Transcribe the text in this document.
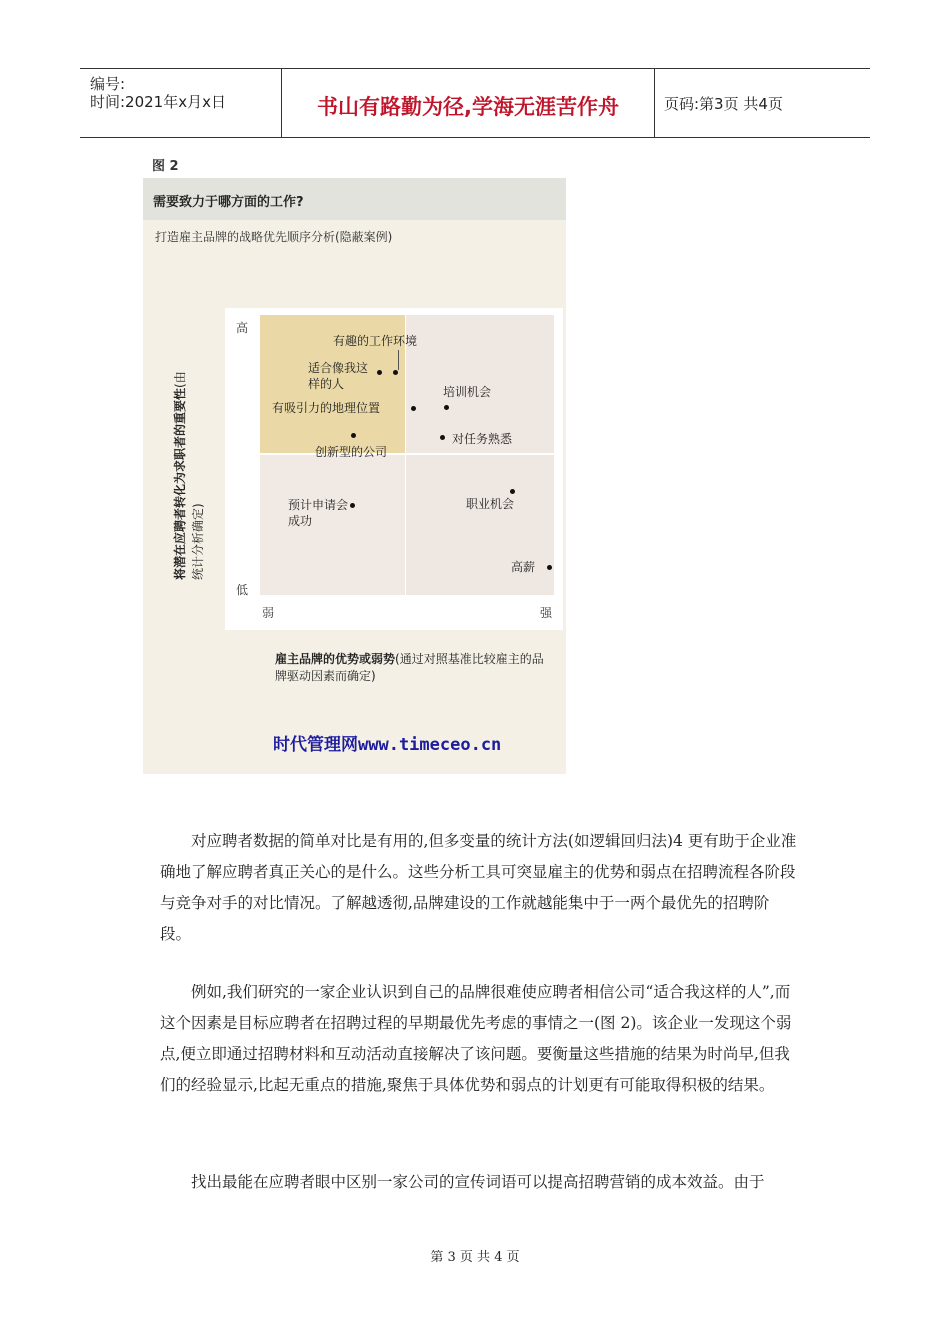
编号:
时间:2021年x月x日	书山有路勤为径,学海无涯苦作舟	页码:第3页 共4页
图 2
需要致力于哪方面的工作?
打造雇主品牌的战略优先顺序分析(隐蔽案例)
高
低
弱	强
有趣的工作环境
适合像我这样的人
有吸引力的地理位置
创新型的公司
培训机会
对任务熟悉
预计申请会成功
职业机会
高薪
将潜在应聘者转化为求职者的重要性(由统计分析确定)
雇主品牌的优势或弱势(通过对照基准比较雇主的品牌驱动因素而确定)
时代管理网www.timeceo.cn

对应聘者数据的简单对比是有用的,但多变量的统计方法(如逻辑回归法)4 更有助于企业准确地了解应聘者真正关心的是什么。这些分析工具可突显雇主的优势和弱点在招聘流程各阶段与竞争对手的对比情况。了解越透彻,品牌建设的工作就越能集中于一两个最优先的招聘阶段。

例如,我们研究的一家企业认识到自己的品牌很难使应聘者相信公司“适合我这样的人”,而这个因素是目标应聘者在招聘过程的早期最优先考虑的事情之一(图 2)。该企业一发现这个弱点,便立即通过招聘材料和互动活动直接解决了该问题。要衡量这些措施的结果为时尚早,但我们的经验显示,比起无重点的措施,聚焦于具体优势和弱点的计划更有可能取得积极的结果。

找出最能在应聘者眼中区别一家公司的宣传词语可以提高招聘营销的成本效益。由于

第 3 页 共 4 页
